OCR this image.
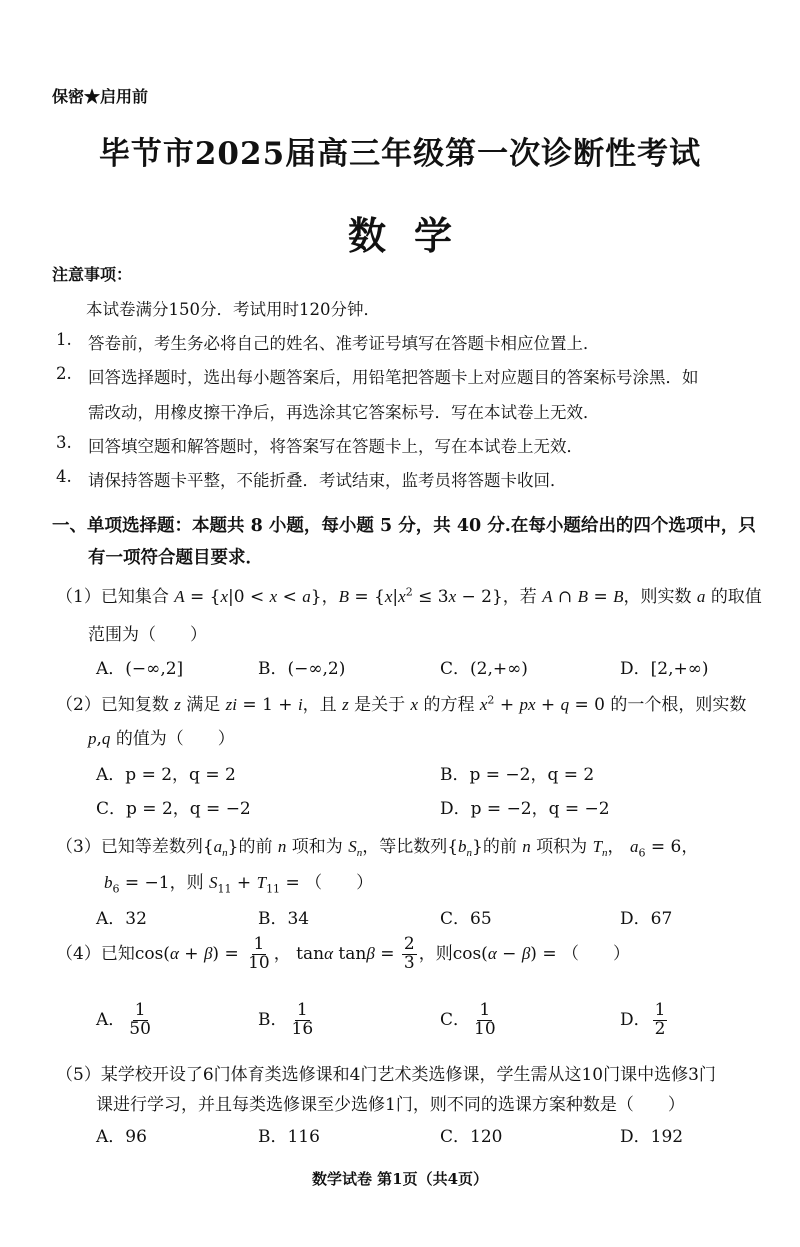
保密★启用前
毕节市2025届高三年级第一次诊断性考试
数学
注意事项：
本试卷满分150分．考试用时120分钟．
1. 答卷前，考生务必将自己的姓名、准考证号填写在答题卡相应位置上．
2. 回答选择题时，选出每小题答案后，用铅笔把答题卡上对应题目的答案标号涂黑．如
需改动，用橡皮擦干净后，再选涂其它答案标号．写在本试卷上无效．
3. 回答填空题和解答题时，将答案写在答题卡上，写在本试卷上无效．
4. 请保持答题卡平整，不能折叠．考试结束，监考员将答题卡收回．
一、单项选择题：本题共 8 小题，每小题 5 分，共 40 分.在每小题给出的四个选项中，只
有一项符合题目要求．
（1）已知集合 A = {x|0 < x < a}，$B = \{x|x^2 \le 3x - 2\}$，若 A ∩ B = B，则实数 a 的取值
范围为（　　）
A．(−∞,2]	B．(−∞,2)	C．(2,+∞)	D．[2,+∞)
（2）已知复数 z 满足 zi = 1 + i，且 z 是关于 x 的方程 $x^2$ + px + q = 0 的一个根，则实数
p,q 的值为（　　）
A．p = 2，q = 2	B．p = −2，q = 2
C．p = 2，q = −2	D．p = −2，q = −2
（3）已知等差数列$\{a_n\}$的前 n 项和为 $S_n$，等比数列$\{b_n\}$的前 n 项积为 $T_n$， $a_6 = 6$，
$b_6 = -1$，则 $S_{11} + T_{11}$ = （　　）
A．32	B．34	C．65	D．67
（4）已知$\cos(\alpha + \beta) = \frac{1}{10}$ ， tanα $\tan\beta = \frac{2}{3}$ ，则cos(α − β) = （　　）
A． $\frac{1}{50}$	B． $\frac{1}{16}$	C． $\frac{1}{10}$	D． $\frac{1}{2}$
（5）某学校开设了6门体育类选修课和4门艺术类选修课，学生需从这10门课中选修3门
课进行学习，并且每类选修课至少选修1门，则不同的选课方案种数是（　　）
A．96	B．116	C．120	D．192
数学试卷 第1页（共4页）
